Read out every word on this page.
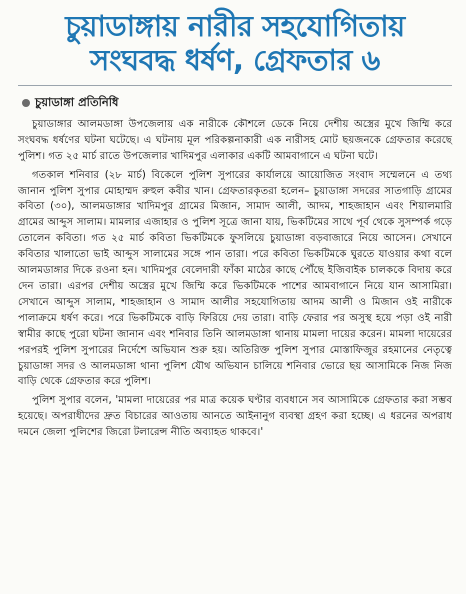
চুয়াডাঙ্গায় নারীর সহযোগিতায়
সংঘবদ্ধ ধর্ষণ, গ্রেফতার ৬
চুয়াডাঙ্গা প্রতিনিধি

চুয়াডাঙ্গার আলমডাঙ্গা উপজেলায় এক নারীকে কৌশলে ডেকে নিয়ে দেশীয় অস্ত্রের মুখে জিম্মি করে সংঘবদ্ধ ধর্ষণের ঘটনা ঘটেছে। এ ঘটনায় মূল পরিকল্পনাকারী এক নারীসহ মোট ছয়জনকে গ্রেফতার করেছে পুলিশ। গত ২৫ মার্চ রাতে উপজেলার খাদিমপুর এলাকার একটি আমবাগানে এ ঘটনা ঘটে।

গতকাল শনিবার (২৮ মার্চ) বিকেলে পুলিশ সুপারের কার্যালয়ে আয়োজিত সংবাদ সম্মেলনে এ তথ্য জানান পুলিশ সুপার মোহাম্মদ রুহুল কবীর খান। গ্রেফতারকৃতরা হলেন– চুয়াডাঙ্গা সদরের সাতগাড়ি গ্রামের কবিতা (৩০), আলমডাঙ্গার খাদিমপুর গ্রামের মিজান, সামাদ আলী, আদম, শাহজাহান এবং শিয়ালমারি গ্রামের আব্দুস সালাম। মামলার এজাহার ও পুলিশ সূত্রে জানা যায়, ভিকটিমের সাথে পূর্ব থেকে সুসম্পর্ক গড়ে তোলেন কবিতা। গত ২৫ মার্চ কবিতা ভিকটিমকে ফুসলিয়ে চুয়াডাঙ্গা বড়বাজারে নিয়ে আসেন। সেখানে কবিতার খালাতো ভাই আব্দুস সালামের সঙ্গে পান তারা। পরে কবিতা ভিকটিমকে ঘুরতে যাওয়ার কথা বলে আলমডাঙ্গার দিকে রওনা হন। খাদিমপুর বেলেদারী ফাঁকা মাঠের কাছে পৌঁছে ইজিবাইক চালককে বিদায় করে দেন তারা। এরপর দেশীয় অস্ত্রের মুখে জিম্মি করে ভিকটিমকে পাশের আমবাগানে নিয়ে যান আসামিরা। সেখানে আব্দুস সালাম, শাহজাহান ও সামাদ আলীর সহযোগিতায় আদম আলী ও মিজান ওই নারীকে পালাক্রমে ধর্ষণ করে। পরে ভিকটিমকে বাড়ি ফিরিয়ে দেয় তারা। বাড়ি ফেরার পর অসুস্থ হয়ে পড়া ওই নারী স্বামীর কাছে পুরো ঘটনা জানান এবং শনিবার তিনি আলমডাঙ্গা থানায় মামলা দায়ের করেন। মামলা দায়েরের পরপরই পুলিশ সুপারের নির্দেশে অভিযান শুরু হয়। অতিরিক্ত পুলিশ সুপার মোস্তাফিজুর রহমানের নেতৃত্বে চুয়াডাঙ্গা সদর ও আলমডাঙ্গা থানা পুলিশ যৌথ অভিযান চালিয়ে শনিবার ভোরে ছয় আসামিকে নিজ নিজ বাড়ি থেকে গ্রেফতার করে পুলিশ।

পুলিশ সুপার বলেন, 'মামলা দায়েরের পর মাত্র কয়েক ঘণ্টার ব্যবধানে সব আসামিকে গ্রেফতার করা সম্ভব হয়েছে। অপরাধীদের দ্রুত বিচারের আওতায় আনতে আইনানুগ ব্যবস্থা গ্রহণ করা হচ্ছে। এ ধরনের অপরাধ দমনে জেলা পুলিশের জিরো টলারেন্স নীতি অব্যাহত থাকবে।'
